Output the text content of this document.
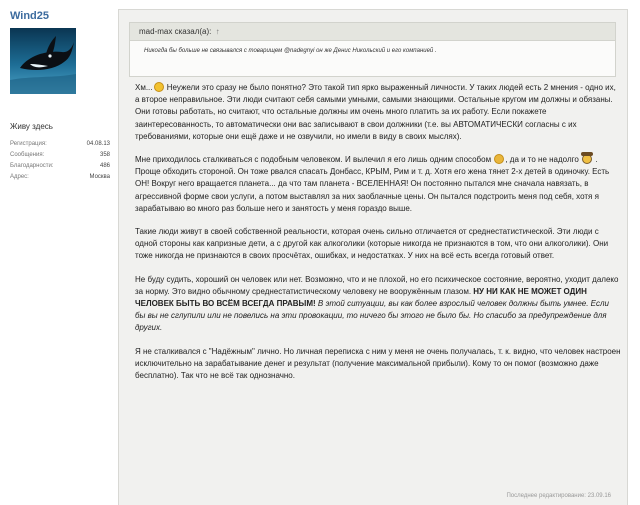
Wind25
Живу здесь
Регистрация:	04.08.13
Сообщения:	358
Благодарности:	486
Адрес:	Москва
mad-max сказал(а): ↑
Никогда бы больше не связывался с товарищем @nadegnyi он же Денис Никольский и его компанией .

Хм... Неужели это сразу не было понятно? Это такой тип ярко выраженный личности. У таких людей есть 2 мнения - одно их, а второе неправильное. Эти люди считают себя самыми умными, самыми знающими. Остальные кругом им должны и обязаны. Они готовы работать, но считают, что остальные должны им очень много платить за их работу. Если покажете заинтересованность, то автоматически они вас записывают в свои должники (т.е. вы АВТОМАТИЧЕСКИ согласны с их требованиями, которые они ещё даже и не озвучили, но имели в виду в своих мыслях).

Мне приходилось сталкиваться с подобным человеком. И вылечил я его лишь одним способом , да и то не надолго . Проще обходить стороной. Он тоже рвался спасать Донбасс, КРЫМ, Рим и т. д. Хотя его жена тянет 2-х детей в одиночку. Есть ОН! Вокруг него вращается планета... да что там планета - ВСЕЛЕННАЯ! Он постоянно пытался мне сначала навязать, в агрессивной форме свои услуги, а потом выставлял за них заоблачные цены. Он пытался подстроить меня под себя, хотя я зарабатываю во много раз больше него и занятость у меня гораздо выше.

Такие люди живут в своей собственной реальности, которая очень сильно отличается от среднестатистической. Эти люди с одной стороны как капризные дети, а с другой как алкоголики (которые никогда не признаются в том, что они алкоголики). Они тоже никогда не признаются в своих просчётах, ошибках, и недостатках. У них на всё есть всегда готовый ответ.

Не буду судить, хороший он человек или нет. Возможно, что и не плохой, но его психическое состояние, вероятно, уходит далеко за норму. Это видно обычному среднестатистическому человеку не вооружённым глазом. НУ НИ КАК НЕ МОЖЕТ ОДИН ЧЕЛОВЕК БЫТЬ ВО ВСЁМ ВСЕГДА ПРАВЫМ! В этой ситуации, вы как более взрослый человек должны быть умнее. Если бы вы не сглупили или не повелись на эти провокации, то ничего бы этого не было бы. Но спасибо за предупреждение для других.

Я не сталкивался с "Надёжным" лично. Но личная переписка с ним у меня не очень получалась, т. к. видно, что человек настроен исключительно на зарабатывание денег и результат (получение максимальной прибыли). Кому то он помог (возможно даже бесплатно). Так что не всё так однозначно.

Последнее редактирование: 23.09.16
